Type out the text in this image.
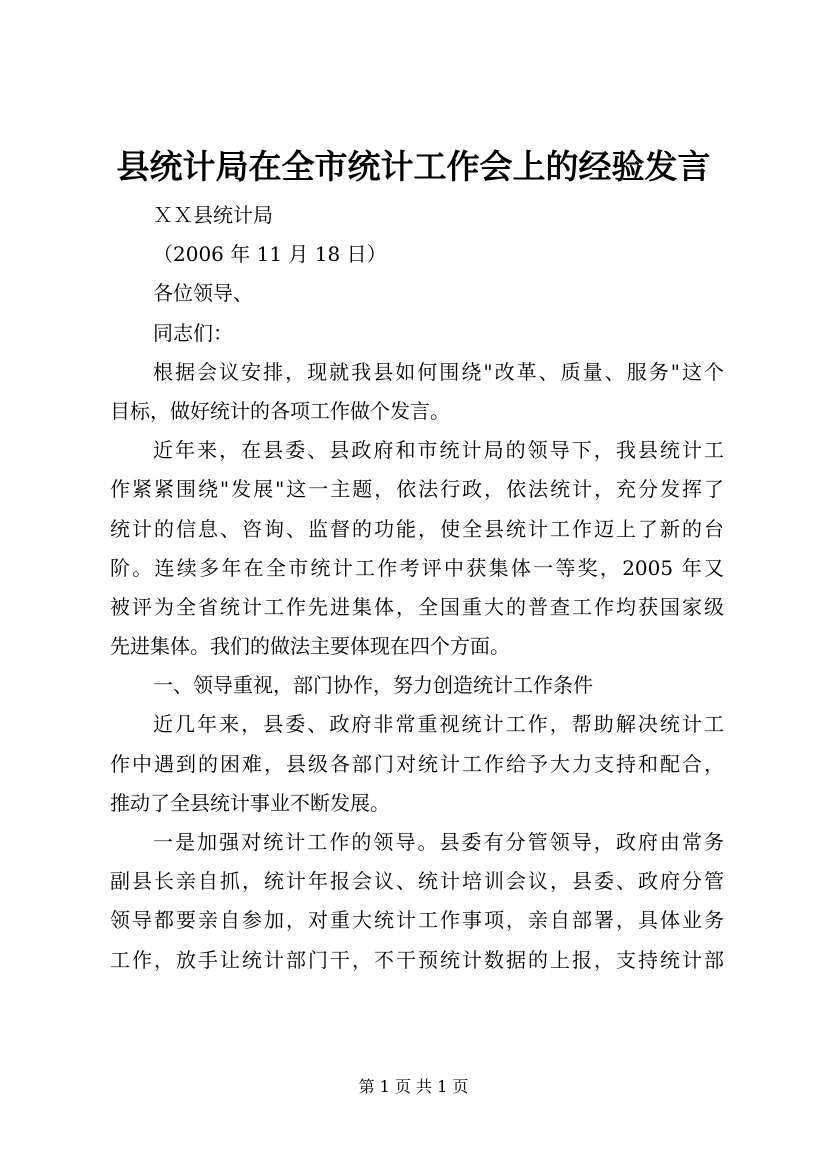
县统计局在全市统计工作会上的经验发言
ＸＸ县统计局
（2006 年 11 月 18 日）
各位领导、
同志们：
根据会议安排，现就我县如何围绕"改革、质量、服务"这个
目标，做好统计的各项工作做个发言。
近年来，在县委、县政府和市统计局的领导下，我县统计工
作紧紧围绕"发展"这一主题，依法行政，依法统计，充分发挥了
统计的信息、咨询、监督的功能，使全县统计工作迈上了新的台
阶。连续多年在全市统计工作考评中获集体一等奖，2005 年又
被评为全省统计工作先进集体，全国重大的普查工作均获国家级
先进集体。我们的做法主要体现在四个方面。
一、领导重视，部门协作，努力创造统计工作条件
近几年来，县委、政府非常重视统计工作，帮助解决统计工
作中遇到的困难，县级各部门对统计工作给予大力支持和配合，
推动了全县统计事业不断发展。
一是加强对统计工作的领导。县委有分管领导，政府由常务
副县长亲自抓，统计年报会议、统计培训会议，县委、政府分管
领导都要亲自参加，对重大统计工作事项，亲自部署，具体业务
工作，放手让统计部门干，不干预统计数据的上报，支持统计部
第 1 页 共 1 页
